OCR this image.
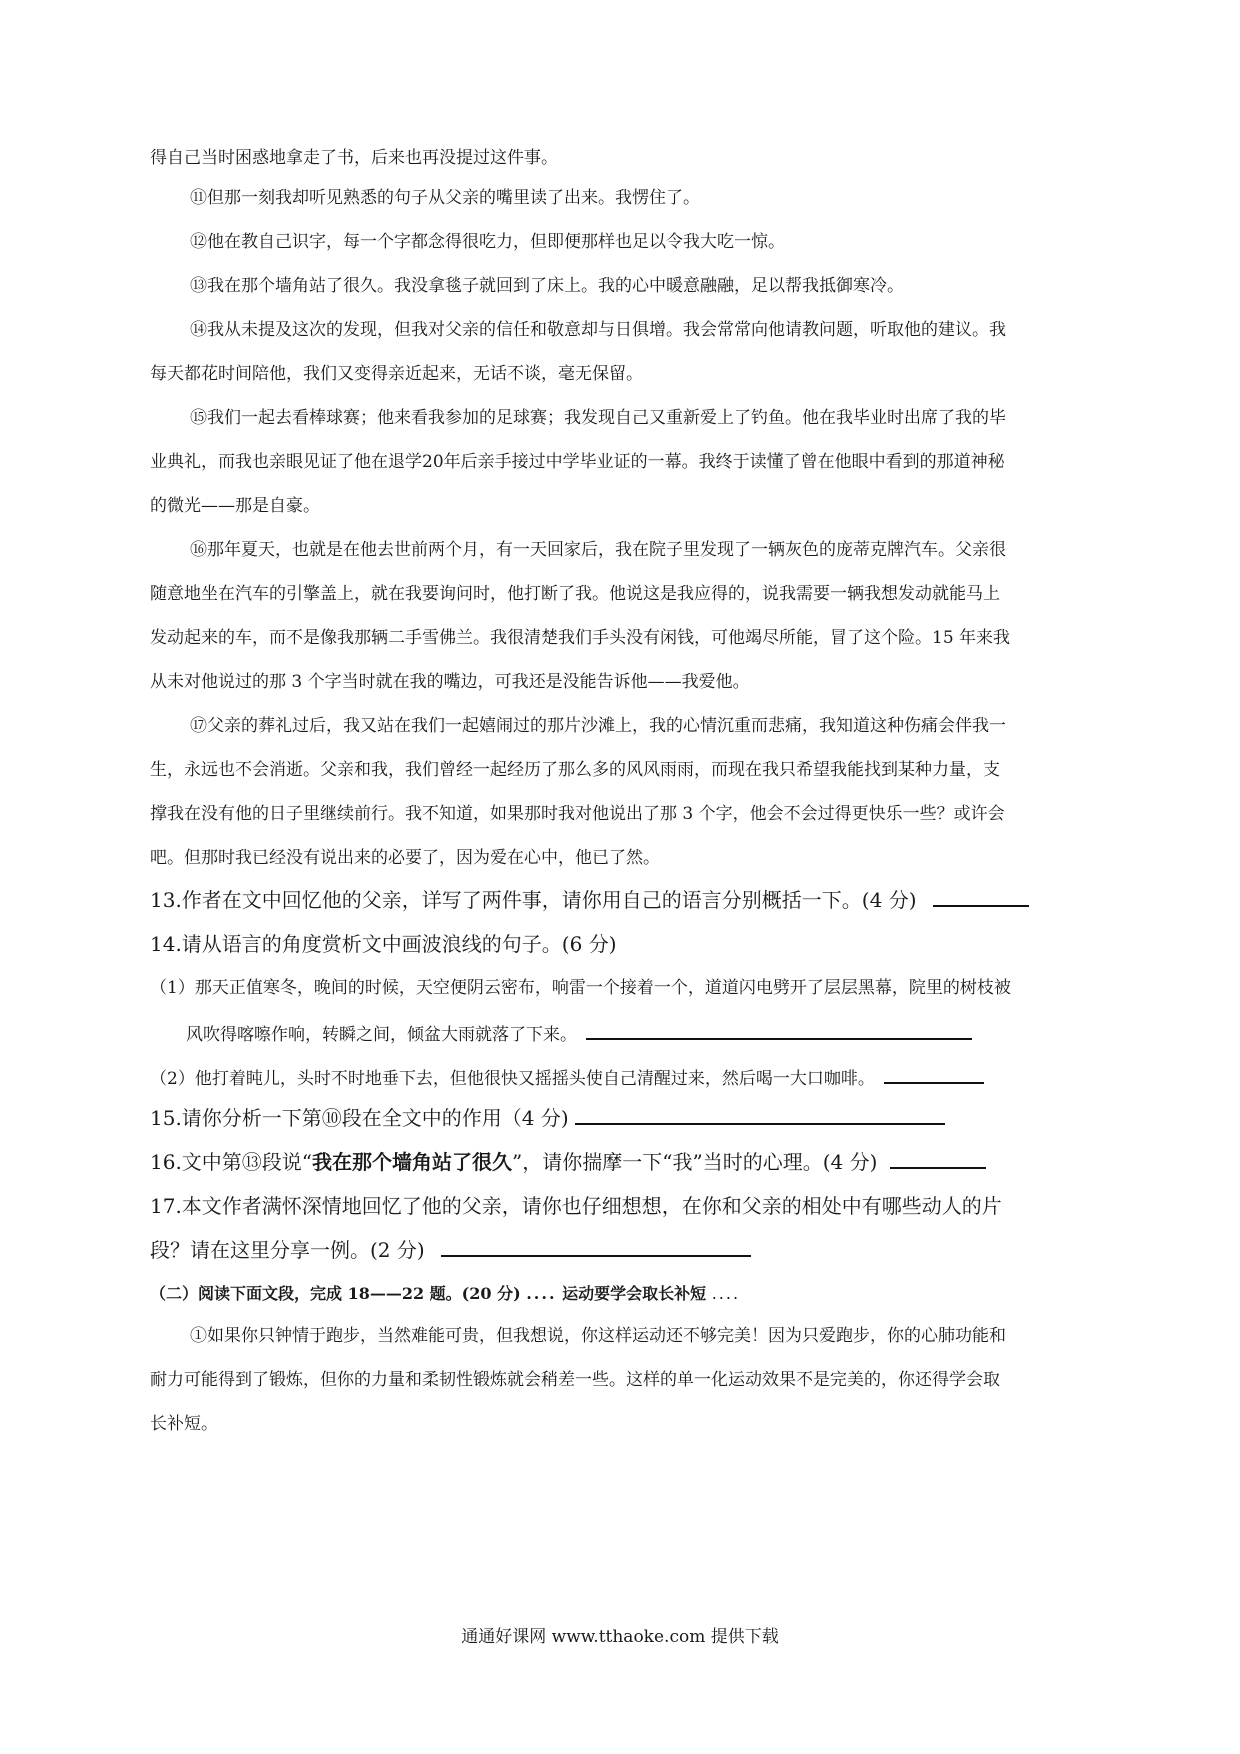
得自己当时困惑地拿走了书，后来也再没提过这件事。
⑪但那一刻我却听见熟悉的句子从父亲的嘴里读了出来。我愣住了。
⑫他在教自己识字，每一个字都念得很吃力，但即便那样也足以令我大吃一惊。
⑬我在那个墙角站了很久。我没拿毯子就回到了床上。我的心中暖意融融，足以帮我抵御寒冷。
⑭我从未提及这次的发现，但我对父亲的信任和敬意却与日俱增。我会常常向他请教问题，听取他的建议。我
每天都花时间陪他，我们又变得亲近起来，无话不谈，毫无保留。
⑮我们一起去看棒球赛；他来看我参加的足球赛；我发现自己又重新爱上了钓鱼。他在我毕业时出席了我的毕
业典礼，而我也亲眼见证了他在退学20年后亲手接过中学毕业证的一幕。我终于读懂了曾在他眼中看到的那道神秘
的微光——那是自豪。
⑯那年夏天，也就是在他去世前两个月，有一天回家后，我在院子里发现了一辆灰色的庞蒂克牌汽车。父亲很
随意地坐在汽车的引擎盖上，就在我要询问时，他打断了我。他说这是我应得的，说我需要一辆我想发动就能马上
发动起来的车，而不是像我那辆二手雪佛兰。我很清楚我们手头没有闲钱，可他竭尽所能，冒了这个险。15 年来我
从未对他说过的那 3 个字当时就在我的嘴边，可我还是没能告诉他——我爱他。
⑰父亲的葬礼过后，我又站在我们一起嬉闹过的那片沙滩上，我的心情沉重而悲痛，我知道这种伤痛会伴我一
生，永远也不会消逝。父亲和我，我们曾经一起经历了那么多的风风雨雨，而现在我只希望我能找到某种力量，支
撑我在没有他的日子里继续前行。我不知道，如果那时我对他说出了那 3 个字，他会不会过得更快乐一些？或许会
吧。但那时我已经没有说出来的必要了，因为爱在心中，他已了然。
13.作者在文中回忆他的父亲，详写了两件事，请你用自己的语言分别概括一下。(4 分)
14.请从语言的角度赏析文中画波浪线的句子。(6 分)
（1）那天正值寒冬，晚间的时候，天空便阴云密布，响雷一个接着一个，道道闪电劈开了层层黑幕，院里的树枝被
风吹得喀嚓作响，转瞬之间，倾盆大雨就落了下来。
（2）他打着盹儿，头时不时地垂下去，但他很快又摇摇头使自己清醒过来，然后喝一大口咖啡。
15.请你分析一下第⑩段在全文中的作用（4 分)
16.文中第⑬段说“我在那个墙角站了很久”，请你揣摩一下“我”当时的心理。(4 分)
17.本文作者满怀深情地回忆了他的父亲，请你也仔细想想，在你和父亲的相处中有哪些动人的片
段？请在这里分享一例。(2 分)
（二）阅读下面文段，完成 18——22 题。(20 分) .... 运动要学会取长补短 ....
①如果你只钟情于跑步，当然难能可贵，但我想说，你这样运动还不够完美！因为只爱跑步，你的心肺功能和
耐力可能得到了锻炼，但你的力量和柔韧性锻炼就会稍差一些。这样的单一化运动效果不是完美的，你还得学会取
长补短。
通通好课网 www.tthaoke.com 提供下载
